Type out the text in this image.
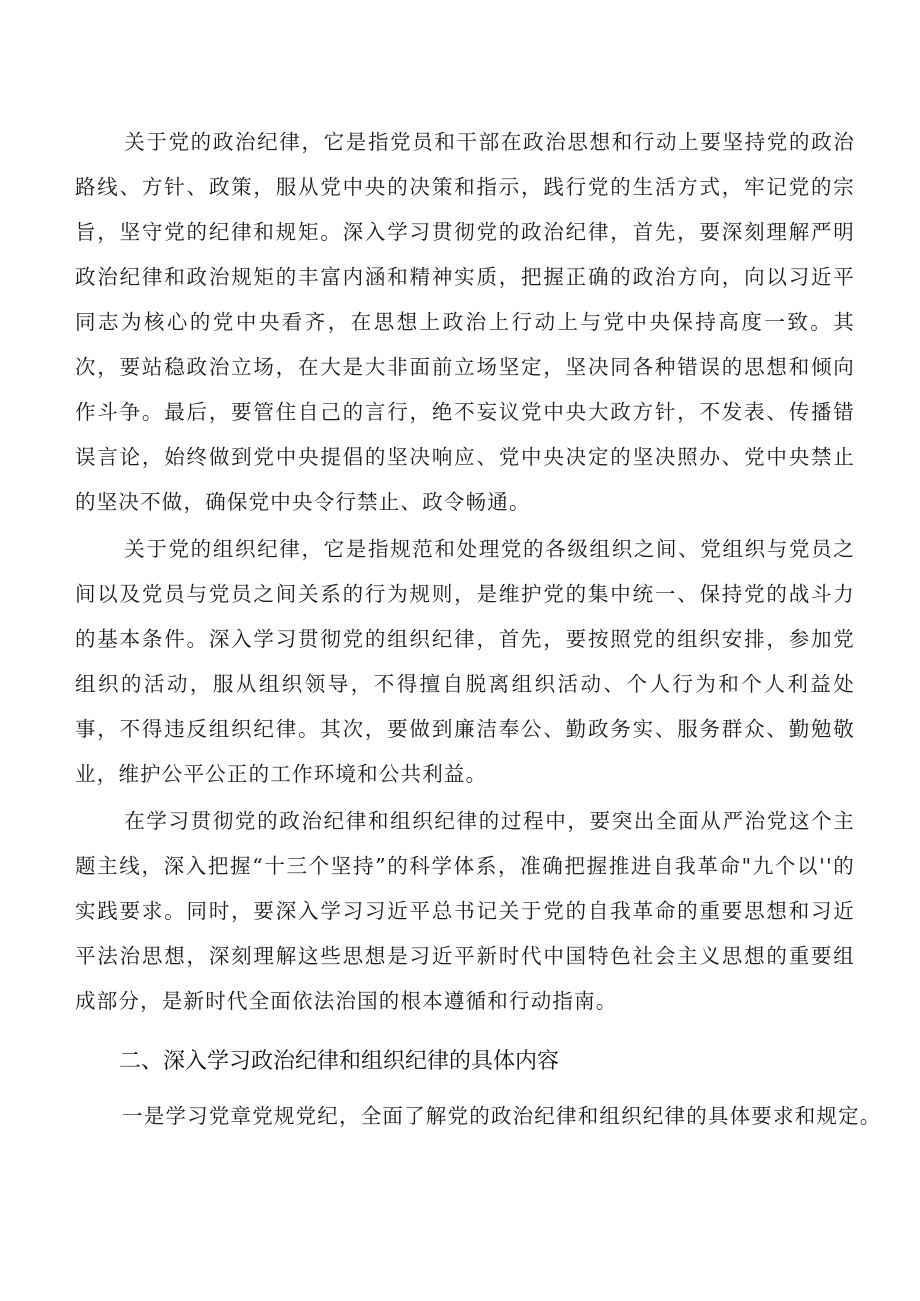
关于党的政治纪律，它是指党员和干部在政治思想和行动上要坚持党的政治路线、方针、政策，服从党中央的决策和指示，践行党的生活方式，牢记党的宗旨，坚守党的纪律和规矩。深入学习贯彻党的政治纪律，首先，要深刻理解严明政治纪律和政治规矩的丰富内涵和精神实质，把握正确的政治方向，向以习近平同志为核心的党中央看齐，在思想上政治上行动上与党中央保持高度一致。其次，要站稳政治立场，在大是大非面前立场坚定，坚决同各种错误的思想和倾向作斗争。最后，要管住自己的言行，绝不妄议党中央大政方针，不发表、传播错误言论，始终做到党中央提倡的坚决响应、党中央决定的坚决照办、党中央禁止的坚决不做，确保党中央令行禁止、政令畅通。

关于党的组织纪律，它是指规范和处理党的各级组织之间、党组织与党员之间以及党员与党员之间关系的行为规则，是维护党的集中统一、保持党的战斗力的基本条件。深入学习贯彻党的组织纪律，首先，要按照党的组织安排，参加党组织的活动，服从组织领导，不得擅自脱离组织活动、个人行为和个人利益处事，不得违反组织纪律。其次，要做到廉洁奉公、勤政务实、服务群众、勤勉敬业，维护公平公正的工作环境和公共利益。

在学习贯彻党的政治纪律和组织纪律的过程中，要突出全面从严治党这个主题主线，深入把握“十三个坚持”的科学体系，准确把握推进自我革命"九个以''的实践要求。同时，要深入学习习近平总书记关于党的自我革命的重要思想和习近平法治思想，深刻理解这些思想是习近平新时代中国特色社会主义思想的重要组成部分，是新时代全面依法治国的根本遵循和行动指南。

二、深入学习政治纪律和组织纪律的具体内容

一是学习党章党规党纪，全面了解党的政治纪律和组织纪律的具体要求和规定。
